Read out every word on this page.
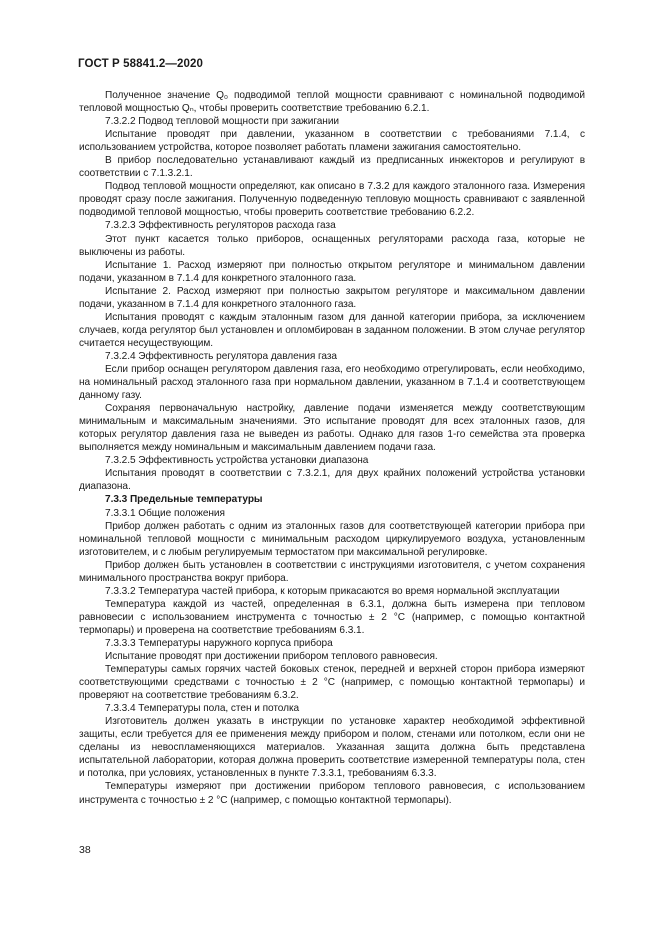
ГОСТ Р 58841.2—2020

Полученное значение Q₀ подводимой теплой мощности сравнивают с номинальной подводимой тепловой мощностью Qₙ, чтобы проверить соответствие требованию 6.2.1.

7.3.2.2 Подвод тепловой мощности при зажигании

Испытание проводят при давлении, указанном в соответствии с требованиями 7.1.4, с использованием устройства, которое позволяет работать пламени зажигания самостоятельно.

В прибор последовательно устанавливают каждый из предписанных инжекторов и регулируют в соответствии с 7.1.3.2.1.

Подвод тепловой мощности определяют, как описано в 7.3.2 для каждого эталонного газа. Измерения проводят сразу после зажигания. Полученную подведенную тепловую мощность сравнивают с заявленной подводимой тепловой мощностью, чтобы проверить соответствие требованию 6.2.2.

7.3.2.3 Эффективность регуляторов расхода газа

Этот пункт касается только приборов, оснащенных регуляторами расхода газа, которые не выключены из работы.

Испытание 1. Расход измеряют при полностью открытом регуляторе и минимальном давлении подачи, указанном в 7.1.4 для конкретного эталонного газа.

Испытание 2. Расход измеряют при полностью закрытом регуляторе и максимальном давлении подачи, указанном в 7.1.4 для конкретного эталонного газа.

Испытания проводят с каждым эталонным газом для данной категории прибора, за исключением случаев, когда регулятор был установлен и опломбирован в заданном положении. В этом случае регулятор считается несуществующим.

7.3.2.4 Эффективность регулятора давления газа

Если прибор оснащен регулятором давления газа, его необходимо отрегулировать, если необходимо, на номинальный расход эталонного газа при нормальном давлении, указанном в 7.1.4 и соответствующем данному газу.

Сохраняя первоначальную настройку, давление подачи изменяется между соответствующим минимальным и максимальным значениями. Это испытание проводят для всех эталонных газов, для которых регулятор давления газа не выведен из работы. Однако для газов 1-го семейства эта проверка выполняется между номинальным и максимальным давлением подачи газа.

7.3.2.5 Эффективность устройства установки диапазона

Испытания проводят в соответствии с 7.3.2.1, для двух крайних положений устройства установки диапазона.

7.3.3 Предельные температуры

7.3.3.1 Общие положения

Прибор должен работать с одним из эталонных газов для соответствующей категории прибора при номинальной тепловой мощности с минимальным расходом циркулируемого воздуха, установленным изготовителем, и с любым регулируемым термостатом при максимальной регулировке.

Прибор должен быть установлен в соответствии с инструкциями изготовителя, с учетом сохранения минимального пространства вокруг прибора.

7.3.3.2 Температура частей прибора, к которым прикасаются во время нормальной эксплуатации

Температура каждой из частей, определенная в 6.3.1, должна быть измерена при тепловом равновесии с использованием инструмента с точностью ± 2 °С (например, с помощью контактной термопары) и проверена на соответствие требованиям 6.3.1.

7.3.3.3 Температуры наружного корпуса прибора

Испытание проводят при достижении прибором теплового равновесия.

Температуры самых горячих частей боковых стенок, передней и верхней сторон прибора измеряют соответствующими средствами с точностью ± 2 °С (например, с помощью контактной термопары) и проверяют на соответствие требованиям 6.3.2.

7.3.3.4 Температуры пола, стен и потолка

Изготовитель должен указать в инструкции по установке характер необходимой эффективной защиты, если требуется для ее применения между прибором и полом, стенами или потолком, если они не сделаны из невоспламеняющихся материалов. Указанная защита должна быть представлена испытательной лаборатории, которая должна проверить соответствие измеренной температуры пола, стен и потолка, при условиях, установленных в пункте 7.3.3.1, требованиям 6.3.3.

Температуры измеряют при достижении прибором теплового равновесия, с использованием инструмента с точностью ± 2 °С (например, с помощью контактной термопары).

38
